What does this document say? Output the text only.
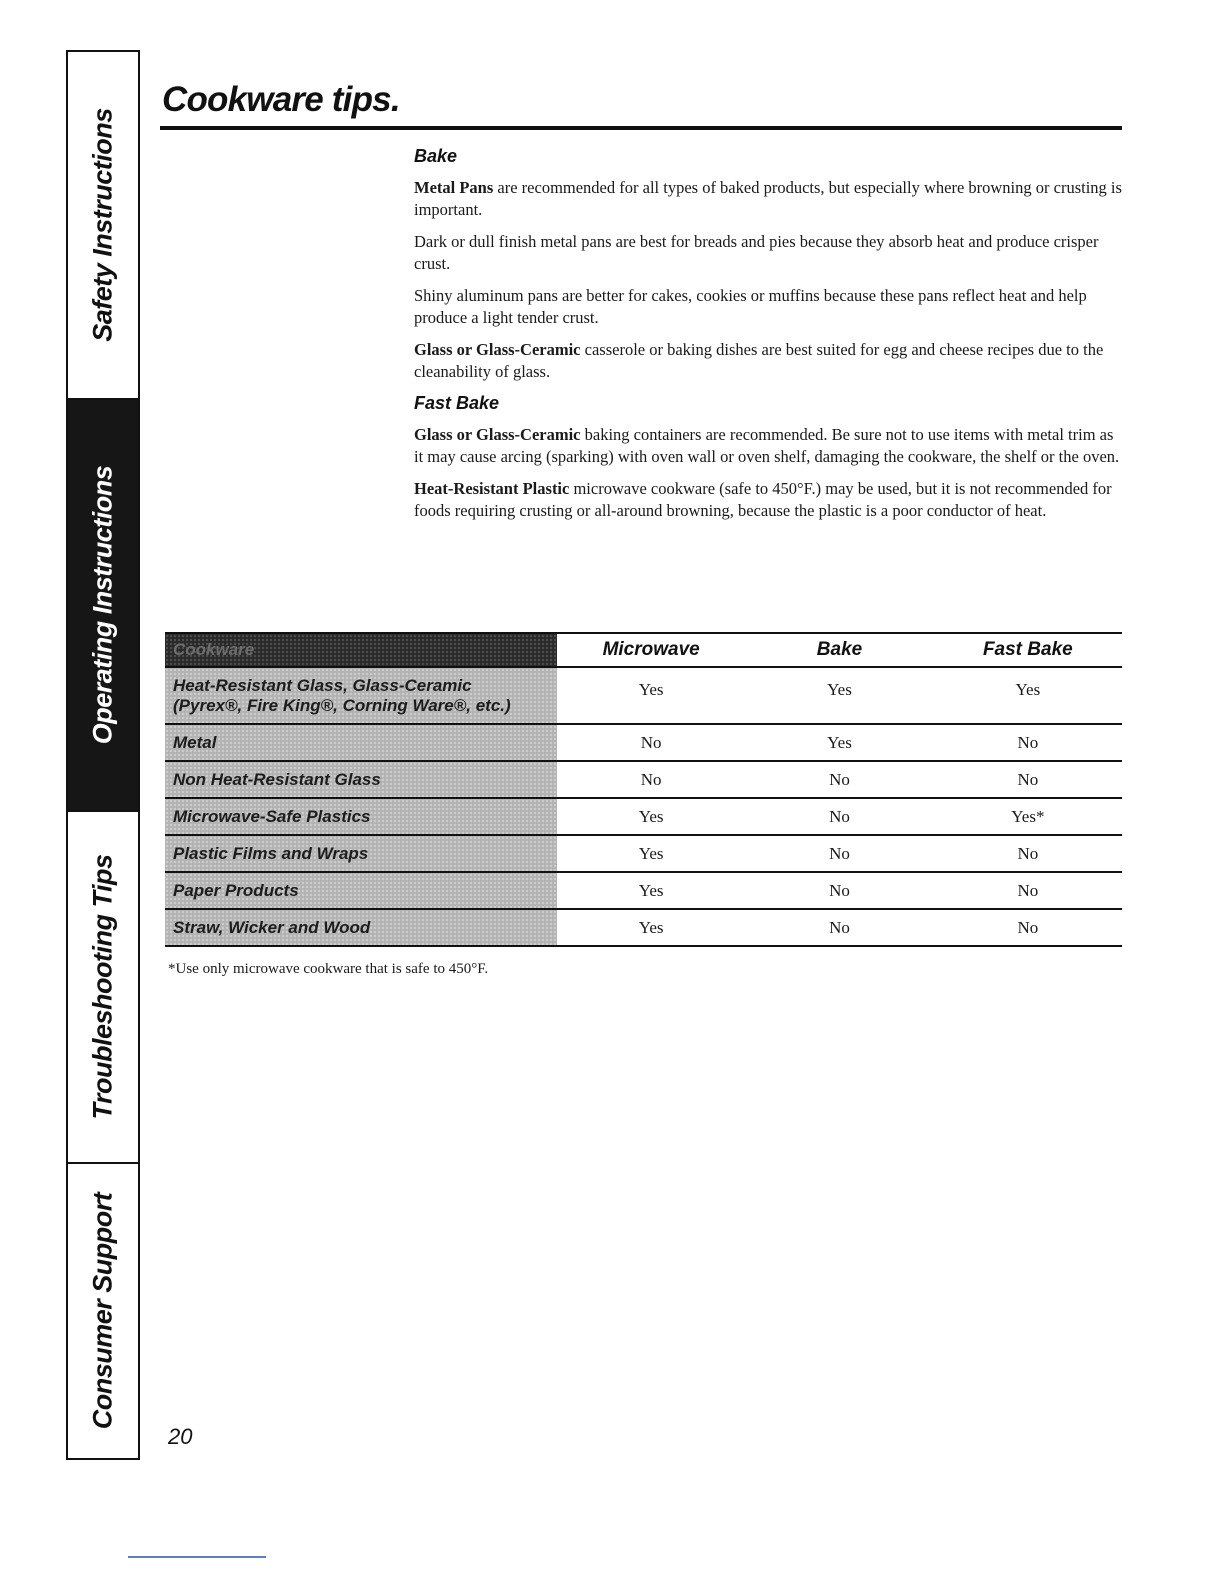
Safety Instructions
Operating Instructions
Troubleshooting Tips
Consumer Support
Cookware tips.
Bake

Metal Pans are recommended for all types of baked products, but especially where browning or crusting is important.

Dark or dull finish metal pans are best for breads and pies because they absorb heat and produce crisper crust.

Shiny aluminum pans are better for cakes, cookies or muffins because these pans reflect heat and help produce a light tender crust.

Glass or Glass-Ceramic casserole or baking dishes are best suited for egg and cheese recipes due to the cleanability of glass.

Fast Bake

Glass or Glass-Ceramic baking containers are recommended. Be sure not to use items with metal trim as it may cause arcing (sparking) with oven wall or oven shelf, damaging the cookware, the shelf or the oven.

Heat-Resistant Plastic microwave cookware (safe to 450°F.) may be used, but it is not recommended for foods requiring crusting or all-around browning, because the plastic is a poor conductor of heat.

Cookware	Microwave	Bake	Fast Bake

Heat-Resistant Glass, Glass-Ceramic
(Pyrex®, Fire King®, Corning Ware®, etc.)	Yes	Yes	Yes
Metal	No	Yes	No
Non Heat-Resistant Glass	No	No	No
Microwave-Safe Plastics	Yes	No	Yes*
Plastic Films and Wraps	Yes	No	No
Paper Products	Yes	No	No
Straw, Wicker and Wood	Yes	No	No
*Use only microwave cookware that is safe to 450°F.
20
